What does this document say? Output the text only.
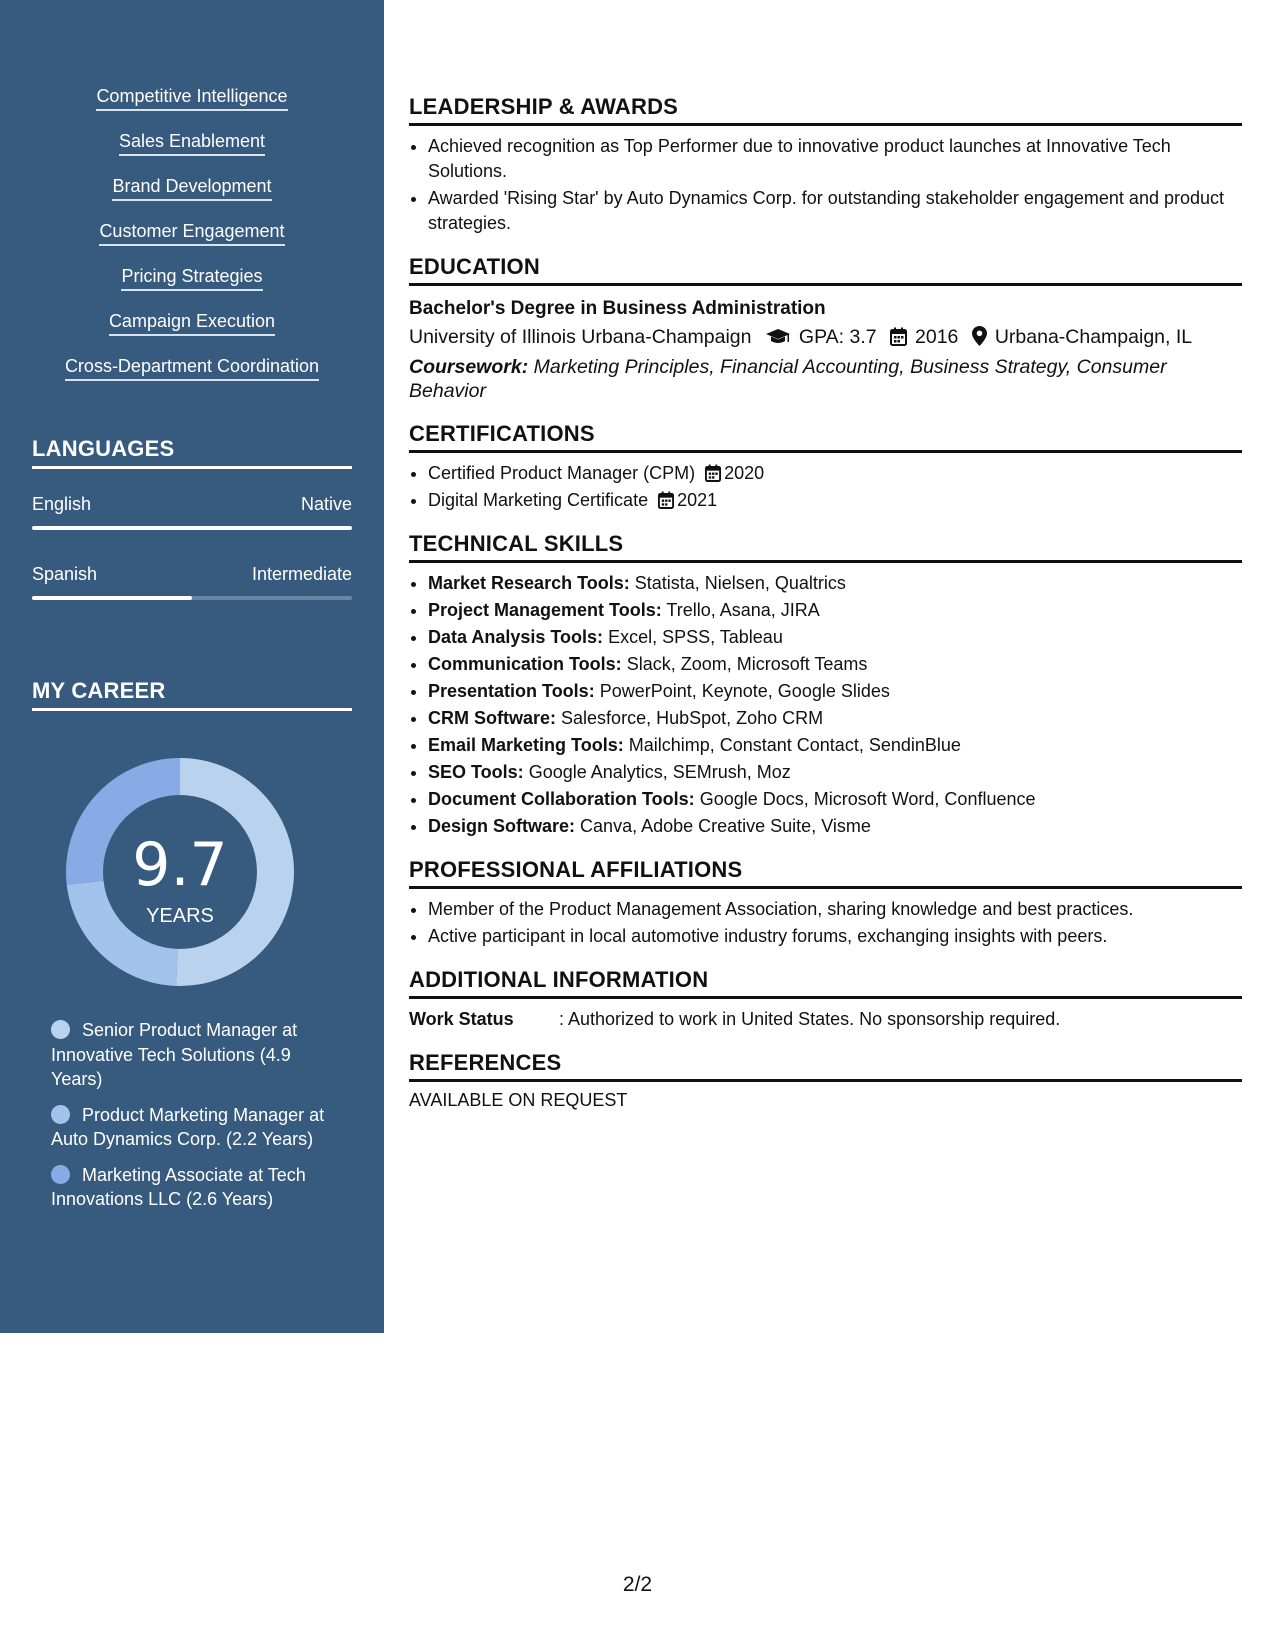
Competitive Intelligence
Sales Enablement
Brand Development
Customer Engagement
Pricing Strategies
Campaign Execution
Cross-Department Coordination
LANGUAGES
English	Native
Spanish	Intermediate
MY CAREER
9.7
YEARS
Senior Product Manager at Innovative Tech Solutions (4.9 Years)
Product Marketing Manager at Auto Dynamics Corp. (2.2 Years)
Marketing Associate at Tech Innovations LLC (2.6 Years)
LEADERSHIP & AWARDS
• Achieved recognition as Top Performer due to innovative product launches at Innovative Tech Solutions.
• Awarded 'Rising Star' by Auto Dynamics Corp. for outstanding stakeholder engagement and product strategies.
EDUCATION
Bachelor's Degree in Business Administration
University of Illinois Urbana-Champaign GPA: 3.7 2016 Urbana-Champaign, IL
Coursework: Marketing Principles, Financial Accounting, Business Strategy, Consumer Behavior
CERTIFICATIONS
• Certified Product Manager (CPM) 2020
• Digital Marketing Certificate 2021
TECHNICAL SKILLS
• Market Research Tools: Statista, Nielsen, Qualtrics
• Project Management Tools: Trello, Asana, JIRA
• Data Analysis Tools: Excel, SPSS, Tableau
• Communication Tools: Slack, Zoom, Microsoft Teams
• Presentation Tools: PowerPoint, Keynote, Google Slides
• CRM Software: Salesforce, HubSpot, Zoho CRM
• Email Marketing Tools: Mailchimp, Constant Contact, SendinBlue
• SEO Tools: Google Analytics, SEMrush, Moz
• Document Collaboration Tools: Google Docs, Microsoft Word, Confluence
• Design Software: Canva, Adobe Creative Suite, Visme
PROFESSIONAL AFFILIATIONS
• Member of the Product Management Association, sharing knowledge and best practices.
• Active participant in local automotive industry forums, exchanging insights with peers.
ADDITIONAL INFORMATION
Work Status	: Authorized to work in United States. No sponsorship required.
REFERENCES
AVAILABLE ON REQUEST
2/2
